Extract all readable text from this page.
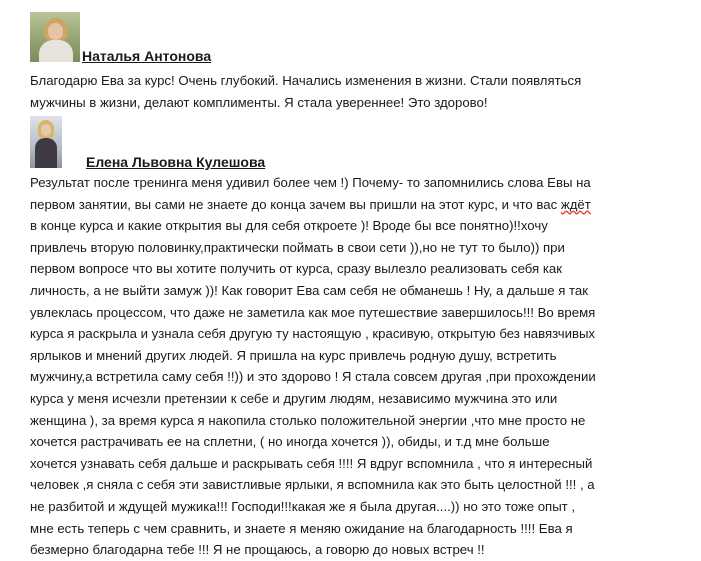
Наталья Антонова
Благодарю Ева за курс! Очень глубокий. Начались изменения в жизни. Стали появляться
мужчины в жизни, делают комплименты. Я стала увереннее! Это здорово!
Елена Львовна Кулешова
Результат после тренинга меня удивил более чем !) Почему- то запомнились слова Евы на
первом занятии, вы сами не знаете до конца зачем вы пришли на этот курс, и что вас ждёт
в конце курса и какие открытия вы для себя откроете )! Вроде бы все понятно)!!хочу
привлечь вторую половинку,практически поймать в свои сети )),но не тут то было)) при
первом вопросе что вы хотите получить от курса, сразу вылезло реализовать себя как
личность, а не выйти замуж ))! Как говорит Ева сам себя не обманешь ! Ну, а дальше я так
увлеклась процессом, что даже не заметила как мое путешествие завершилось!!! Во время
курса я раскрыла и узнала себя другую ту настоящую , красивую, открытую без навязчивых
ярлыков и мнений других людей. Я пришла на курс привлечь родную душу, встретить
мужчину,а встретила саму себя !!)) и это здорово ! Я стала совсем другая ,при прохождении
курса у меня исчезли претензии к себе и другим людям, независимо мужчина это или
женщина ), за время курса я накопила столько положительной энергии ,что мне просто не
хочется растрачивать ее на сплетни, ( но иногда хочется )), обиды, и т.д мне больше
хочется узнавать себя дальше и раскрывать себя !!!! Я вдруг вспомнила , что я интересный
человек ,я сняла с себя эти завистливые ярлыки, я вспомнила как это быть целостной !!! , а
не разбитой и ждущей мужика!!! Господи!!!какая же я была другая....)) но это тоже опыт ,
мне есть теперь с чем сравнить, и знаете я меняю ожидание на благодарность !!!! Ева я
безмерно благодарна тебе !!! Я не прощаюсь, а говорю до новых встреч !!
